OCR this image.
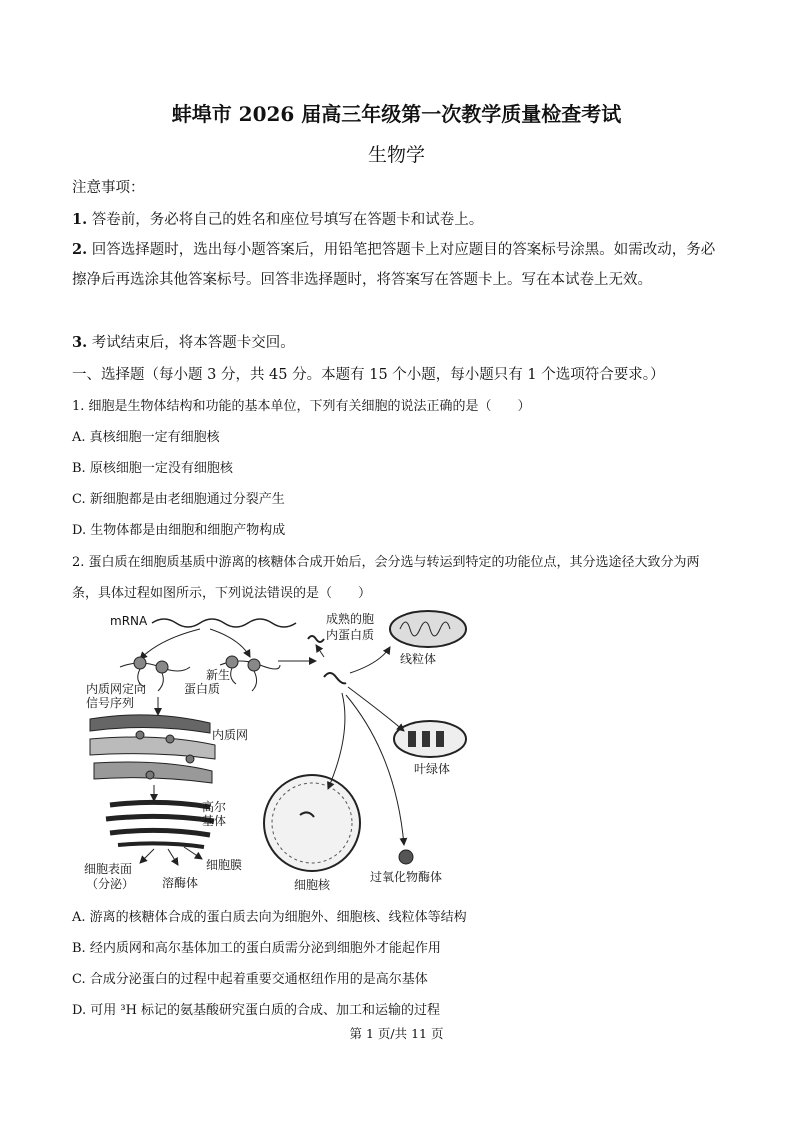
蚌埠市 2026 届高三年级第一次教学质量检查考试
生物学
注意事项：
1. 答卷前，务必将自己的姓名和座位号填写在答题卡和试卷上。
2. 回答选择题时，选出每小题答案后，用铅笔把答题卡上对应题目的答案标号涂黑。如需改动，务必擦净后再选涂其他答案标号。回答非选择题时，将答案写在答题卡上。写在本试卷上无效。
3. 考试结束后，将本答题卡交回。
一、选择题（每小题 3 分，共 45 分。本题有 15 个小题，每小题只有 1 个选项符合要求。）
1. 细胞是生物体结构和功能的基本单位，下列有关细胞的说法正确的是（　　）
A. 真核细胞一定有细胞核
B. 原核细胞一定没有细胞核
C. 新细胞都是由老细胞通过分裂产生
D. 生物体都是由细胞和细胞产物构成
2. 蛋白质在细胞质基质中游离的核糖体合成开始后，会分选与转运到特定的功能位点，其分选途径大致分为两条，具体过程如图所示，下列说法错误的是（　　）
mRNA
新生
蛋白质
内质网定向
信号序列
内质网
高尔
基体
细胞表面
（分泌） 溶酶体
细胞膜
成熟的胞
内蛋白质
线粒体
叶绿体
细胞核
过氧化物酶体
A. 游离的核糖体合成的蛋白质去向为细胞外、细胞核、线粒体等结构
B. 经内质网和高尔基体加工的蛋白质需分泌到细胞外才能起作用
C. 合成分泌蛋白的过程中起着重要交通枢纽作用的是高尔基体
D. 可用 ³H 标记的氨基酸研究蛋白质的合成、加工和运输的过程
第 1 页/共 11 页
